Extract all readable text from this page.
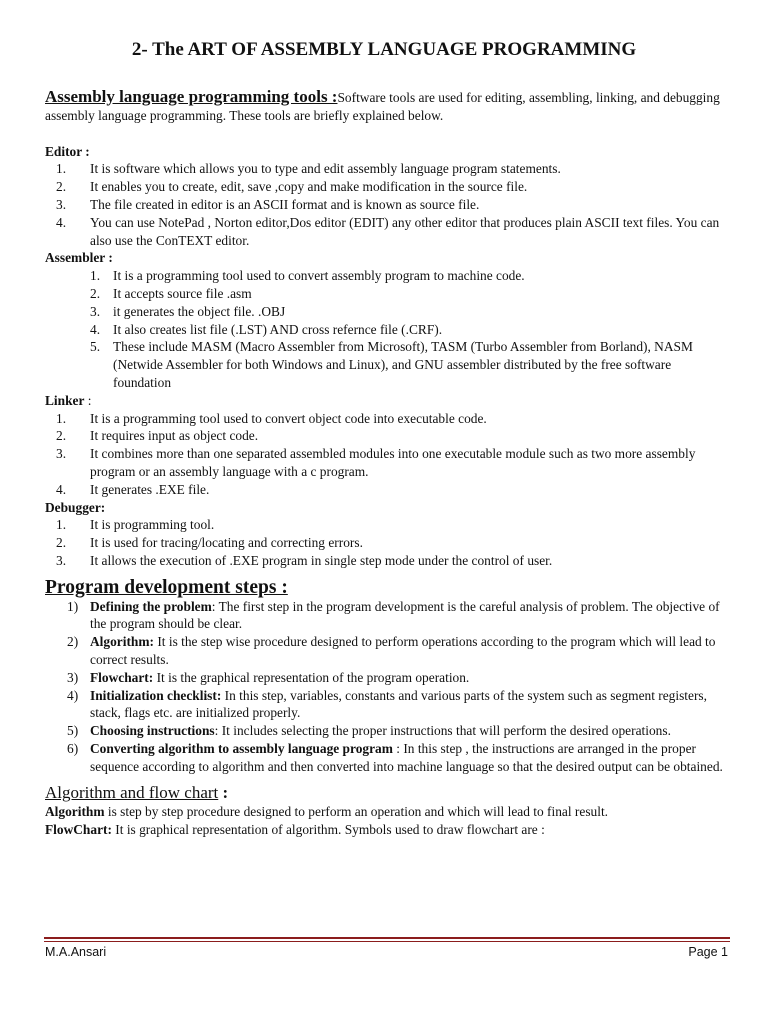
2- The ART OF ASSEMBLY LANGUAGE PROGRAMMING

Assembly language programming tools :Software tools are used for editing, assembling, linking, and debugging assembly language programming. These tools are briefly explained below.

Editor :
1. It is software which allows you to type and edit assembly language program statements.
2. It enables you to create, edit, save ,copy and make modification in the source file.
3. The file created in editor is an ASCII format and is known as source file.
4. You can use NotePad , Norton editor,Dos editor (EDIT) any other editor that produces plain ASCII text files. You can also use the ConTEXT editor.
Assembler :
1. It is a programming tool used to convert assembly program to machine code.
2. It accepts source file .asm
3. it generates the object file. .OBJ
4. It also creates list file (.LST) AND cross refernce file (.CRF).
5. These include MASM (Macro Assembler from Microsoft), TASM (Turbo Assembler from Borland), NASM (Netwide Assembler for both Windows and Linux), and GNU assembler distributed by the free software foundation
Linker :
1. It is a programming tool used to convert object code into executable code.
2. It requires input as object code.
3. It combines more than one separated assembled modules into one executable module such as two more assembly program or an assembly language with a c program.
4. It generates .EXE file.
Debugger:
1. It is programming tool.
2. It is used for tracing/locating and correcting errors.
3. It allows the execution of .EXE program in single step mode under the control of user.
Program development steps :
1) Defining the problem: The first step in the program development is the careful analysis of problem. The objective of the program should be clear.
2) Algorithm: It is the step wise procedure designed to perform operations according to the program which will lead to correct results.
3) Flowchart: It is the graphical representation of the program operation.
4) Initialization checklist: In this step, variables, constants and various parts of the system such as segment registers, stack, flags etc. are initialized properly.
5) Choosing instructions: It includes selecting the proper instructions that will perform the desired operations.
6) Converting algorithm to assembly language program : In this step , the instructions are arranged in the proper sequence according to algorithm and then converted into machine language so that the desired output can be obtained.
Algorithm and flow chart :
Algorithm is step by step procedure designed to perform an operation and which will lead to final result.
FlowChart: It is graphical representation of algorithm. Symbols used to draw flowchart are :
M.A.Ansari	Page 1
